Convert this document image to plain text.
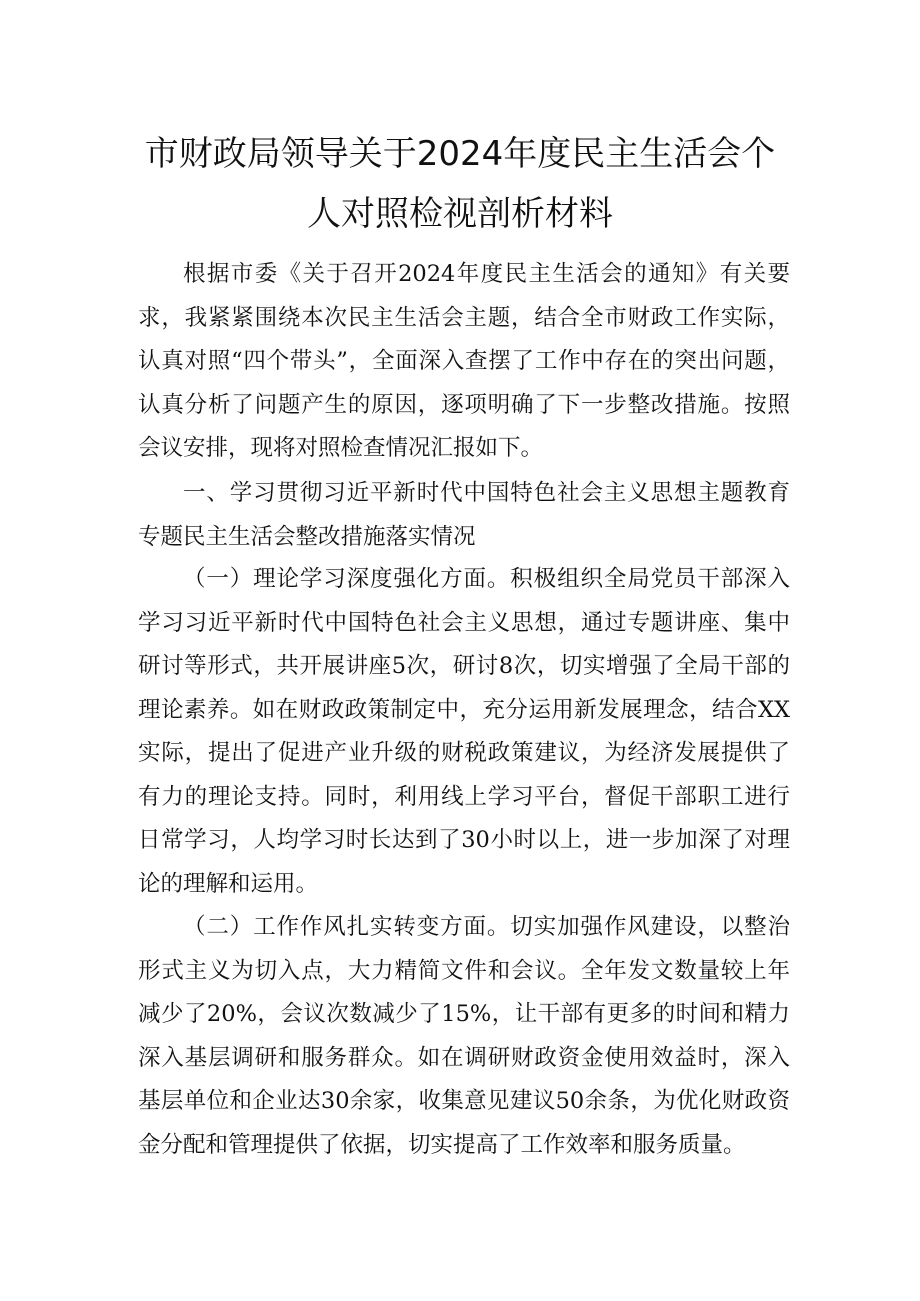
市财政局领导关于2024年度民主生活会个
人对照检视剖析材料

根据市委《关于召开2024年度民主生活会的通知》有关要求，我紧紧围绕本次民主生活会主题，结合全市财政工作实际，认真对照“四个带头”，全面深入查摆了工作中存在的突出问题，认真分析了问题产生的原因，逐项明确了下一步整改措施。按照会议安排，现将对照检查情况汇报如下。

一、学习贯彻习近平新时代中国特色社会主义思想主题教育专题民主生活会整改措施落实情况

（一）理论学习深度强化方面。积极组织全局党员干部深入学习习近平新时代中国特色社会主义思想，通过专题讲座、集中研讨等形式，共开展讲座5次，研讨8次，切实增强了全局干部的理论素养。如在财政政策制定中，充分运用新发展理念，结合XX实际，提出了促进产业升级的财税政策建议，为经济发展提供了有力的理论支持。同时，利用线上学习平台，督促干部职工进行日常学习，人均学习时长达到了30小时以上，进一步加深了对理论的理解和运用。

（二）工作作风扎实转变方面。切实加强作风建设，以整治形式主义为切入点，大力精简文件和会议。全年发文数量较上年减少了20%，会议次数减少了15%，让干部有更多的时间和精力深入基层调研和服务群众。如在调研财政资金使用效益时，深入基层单位和企业达30余家，收集意见建议50余条，为优化财政资金分配和管理提供了依据，切实提高了工作效率和服务质量。
